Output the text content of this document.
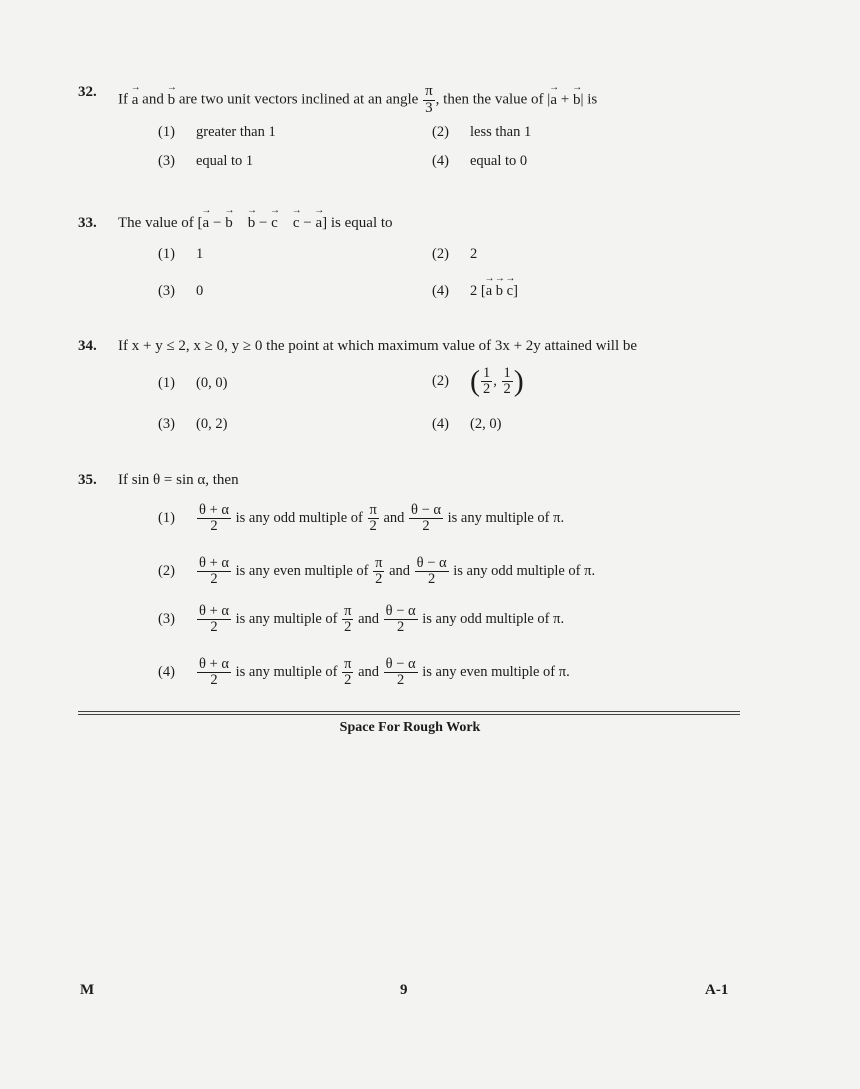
32. If → a and → b are two unit vectors inclined at an angle $\frac{\pi}{3}$ , then the value of |→ a + → b| is
(1) greater than 1	(2) less than 1
(3) equal to 1	(4) equal to 0
33. The value of [→ a − → b → b − → c → c − → a] is equal to
(1) 1	(2) 2
(3) 0	(4) 2 [→ a → b → c]
34. If x + y ≤ 2, x ≥ 0, y ≥ 0 the point at which maximum value of 3x + 2y attained will be
(1) (0, 0)	(2) ( $\frac{1}{2}$ , $\frac{1}{2}$ )
(3) (0, 2)	(4) (2, 0)
35. If sin θ = sin α, then
$(1) \frac{\theta + \alpha}{2}$ is any odd multiple of $\frac{\pi}{2}$ and $\frac{\theta - \alpha}{2}$ is any multiple of π.
$(2) \frac{\theta + \alpha}{2}$ is any even multiple of $\frac{\pi}{2}$ and $\frac{\theta - \alpha}{2}$ is any odd multiple of π.
$(3) \frac{\theta + \alpha}{2}$ is any multiple of $\frac{\pi}{2}$ and $\frac{\theta - \alpha}{2}$ is any odd multiple of π.
$(4) \frac{\theta + \alpha}{2}$ is any multiple of $\frac{\pi}{2}$ and $\frac{\theta - \alpha}{2}$ is any even multiple of π.
Space For Rough Work
M	9	A-1
